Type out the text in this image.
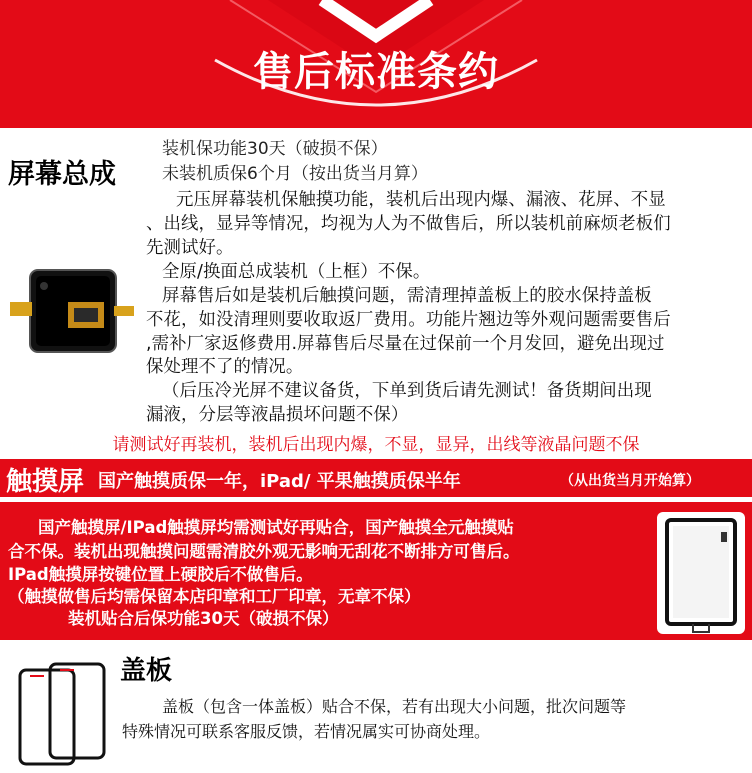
售后标准条约
屏幕总成
装机保功能30天（破损不保）
未装机质保6个月（按出货当月算）
元压屏幕装机保触摸功能，装机后出现内爆、漏液、花屏、不显
、出线，显异等情况，均视为人为不做售后，所以装机前麻烦老板们
先测试好。
全原/换面总成装机（上框）不保。
屏幕售后如是装机后触摸问题，需清理掉盖板上的胶水保持盖板
不花，如没清理则要收取返厂费用。功能片翘边等外观问题需要售后
,需补厂家返修费用.屏幕售后尽量在过保前一个月发回，避免出现过
保处理不了的情况。
（后压冷光屏不建议备货，下单到货后请先测试！备货期间出现
漏液，分层等液晶损坏问题不保）
请测试好再装机，装机后出现内爆，不显，显异，出线等液晶问题不保
触摸屏 国产触摸质保一年，iPad/ 平果触摸质保半年	（从出货当月开始算）
国产触摸屏/IPad触摸屏均需测试好再贴合，国产触摸全元触摸贴
合不保。装机出现触摸问题需清胶外观无影响无刮花不断排方可售后。
IPad触摸屏按键位置上硬胶后不做售后。
（触摸做售后均需保留本店印章和工厂印章，无章不保）
装机贴合后保功能30天（破损不保）
盖板
盖板（包含一体盖板）贴合不保，若有出现大小问题，批次问题等
特殊情况可联系客服反馈，若情况属实可协商处理。
